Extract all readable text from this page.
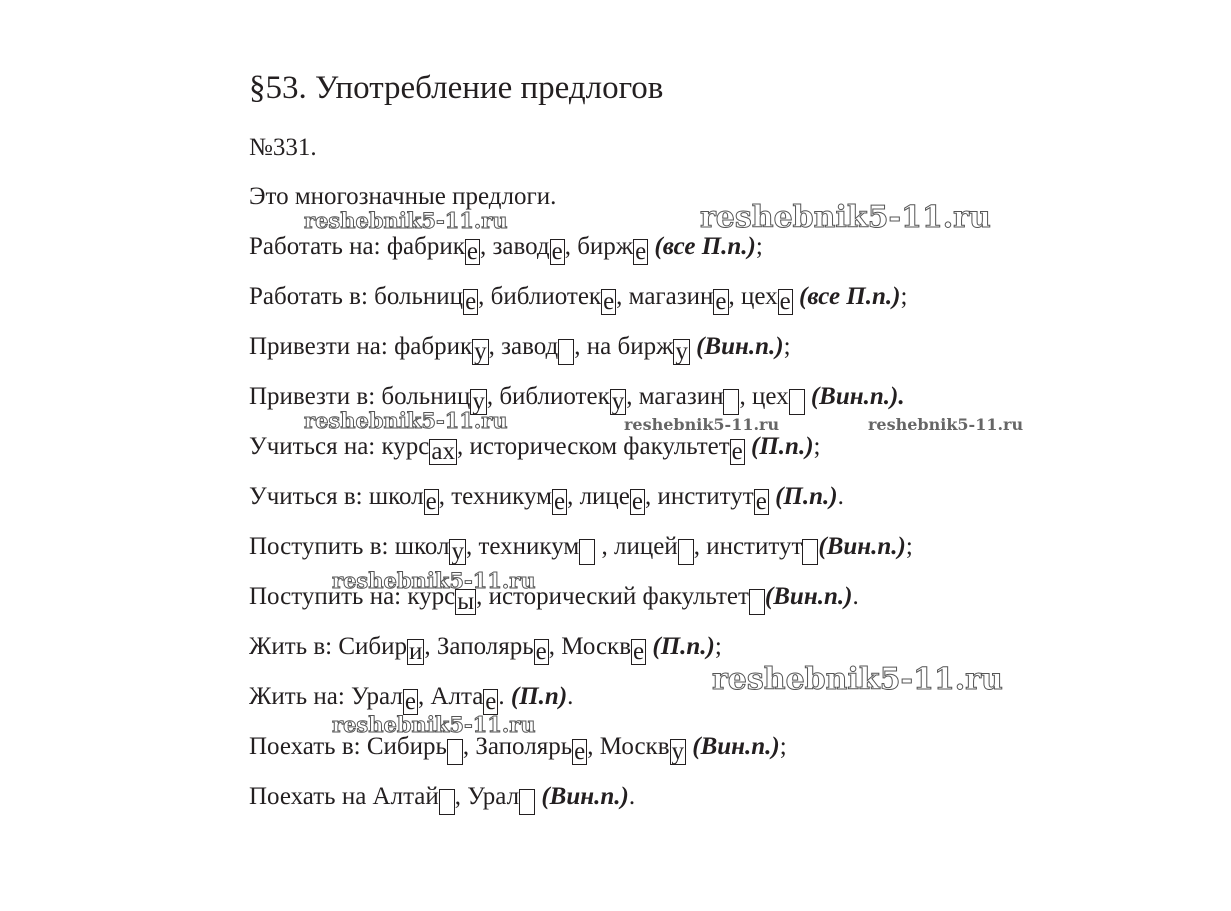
§53. Употребление предлогов
№331.
Это многозначные предлоги.
Работать на: фабрике, заводе, бирже (все П.п.);
Работать в: больнице, библиотеке, магазине, цехе (все П.п.);
Привезти на: фабрику, завод , на биржу (Вин.п.);
Привезти в: больницу, библиотеку, магазин , цех (Вин.п.).
Учиться на: курсах, историческом факультете (П.п.);
Учиться в: школе, техникуме, лицее, институте (П.п.).
Поступить в: школу, техникум  , лицей , институт (Вин.п.);
Поступить на: курсы, исторический факультет (Вин.п.).
Жить в: Сибири, Заполярье, Москве (П.п.);
Жить на: Урале, Алтае. (П.п).
Поехать в: Сибирь , Заполярье, Москву (Вин.п.);
Поехать на Алтай , Урал (Вин.п.).
reshebnik5-11.ru	reshebnik5-11.ru
reshebnik5-11.ru	reshebnik5-11.ru	reshebnik5-11.ru
reshebnik5-11.ru
reshebnik5-11.ru
reshebnik5-11.ru
